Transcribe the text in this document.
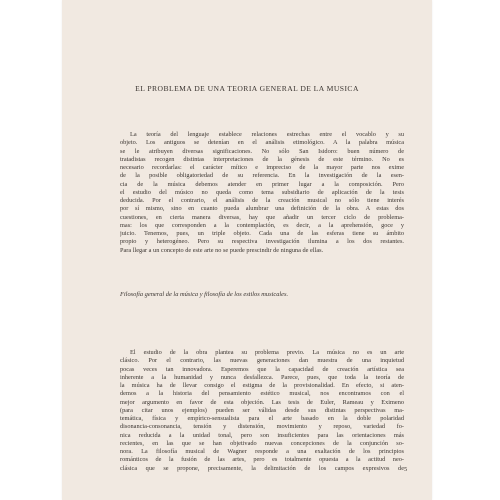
EL PROBLEMA DE UNA TEORIA GENERAL DE LA MUSICA
La teoría del lenguaje establece relaciones estrechas entre el vocablo y su
objeto. Los antiguos se detenían en el análisis etimológico. A la palabra música
se le atribuyen diversas significaciones. No sólo San Isidoro: buen número de
tratadistas recogen distintas interpretaciones de la génesis de este término. No es
necesario recordarlas: el carácter mítico e impreciso de la mayor parte nos exime
de la posible obligatoriedad de su referencia. En la investigación de la esen-
cia de la música debemos atender en primer lugar a la composición. Pero
el estudio del músico no queda como tema subsidiario de aplicación de la tesis
deducida. Por el contrario, el análisis de la creación musical no sólo tiene interés
por sí mismo, sino en cuanto pueda alumbrar una definición de la obra. A estas dos
cuestiones, en cierta manera diversas, hay que añadir un tercer ciclo de problema-
mas: los que corresponden a la contemplación, es decir, a la aprehensión, goce y
juicio. Tenemos, pues, un triple objeto. Cada una de las esferas tiene su ámbito
propio y heterogéneo. Pero su respectiva investigación ilumina a los dos restantes.
Para llegar a un concepto de este arte no se puede prescindir de ninguna de ellas.
Filosofía general de la música y filosofía de los estilos musicales.
El estudio de la obra plantea su problema previo. La música no es un arte
clásico. Por el contrario, las nuevas generaciones dan muestra de una inquietud
pocas veces tan innovadora. Esperemos que la capacidad de creación artística sea
inherente a la humanidad y nunca desfallezca. Parece, pues, que toda la teoría de
la música ha de llevar consigo el estigma de la provisionalidad. En efecto, si aten-
demos a la historia del pensamiento estético musical, nos encontramos con el
mejor argumento en favor de esta objeción. Las tesis de Euler, Rameau y Eximeno
(para citar unos ejemplos) pueden ser válidas desde sus distintas perspectivas ma-
temática, física y empírico-sensualista para el arte basado en la doble polaridad
disonancia-consonancia, tensión y distensión, movimiento y reposo, variedad fo-
nica reducida a la unidad tonal, pero son insuficientes para las orientaciones más
recientes, en las que se han objetivado nuevas concepciones de la conjunción so-
nora. La filosofía musical de Wagner responde a una exaltación de los principios
románticos de la fusión de las artes, pero es totalmente opuesta a la actitud neo-
clásica que se propone, precisamente, la delimitación de los campos expresivos de 5
